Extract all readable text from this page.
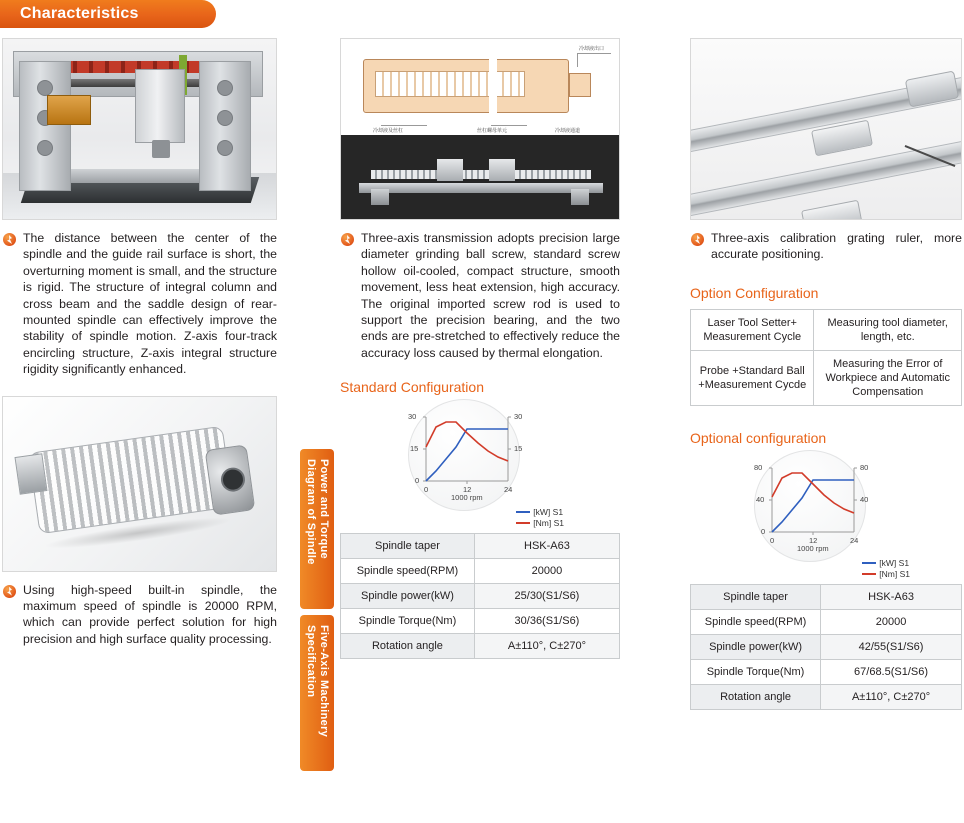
Characteristics

The distance between the center of the spindle and the guide rail surface is short, the overturning moment is small, and the structure is rigid. The structure of integral column and cross beam and the saddle design of rear-mounted spindle can effectively improve the stability of spindle motion. Z-axis four-track encircling structure, Z-axis integral structure rigidity significantly enhanced.

Using high-speed built-in spindle, the maximum speed of spindle is 20000 RPM, which can provide perfect solution for high precision and high surface quality processing.

Power and Torque Diagram of Spindle
Five-Axis Machinery Specification
冷却液出口
冷却液及丝杠	丝杠螺母单元	冷却液通道

Three-axis transmission adopts precision large diameter grinding ball screw, standard screw hollow oil-cooled, compact structure, smooth movement, less heat extension, high accuracy. The original imported screw rod is used to support the precision bearing, and the two ends are pre-stretched to effectively reduce the accuracy loss caused by thermal elongation.

Standard Configuration
30
15
0
30
15
0	12	24
1000 rpm
[kW] S1
[Nm] S1
Spindle taper	HSK-A63
Spindle speed(RPM)	20000
Spindle power(kW)	25/30(S1/S6)
Spindle Torque(Nm)	30/36(S1/S6)
Rotation angle	A±110°, C±270°

Three-axis calibration grating ruler, more accurate positioning.

Option Configuration
Laser Tool Setter+ Measurement Cycle	Measuring tool diameter, length, etc.
Probe +Standard Ball +Measurement Cycde	Measuring the Error of Workpiece and Automatic Compensation
Optional configuration
80
40
0
80
40
0	12	24
1000 rpm
[kW] S1
[Nm] S1
Spindle taper	HSK-A63
Spindle speed(RPM)	20000
Spindle power(kW)	42/55(S1/S6)
Spindle Torque(Nm)	67/68.5(S1/S6)
Rotation angle	A±110°, C±270°
